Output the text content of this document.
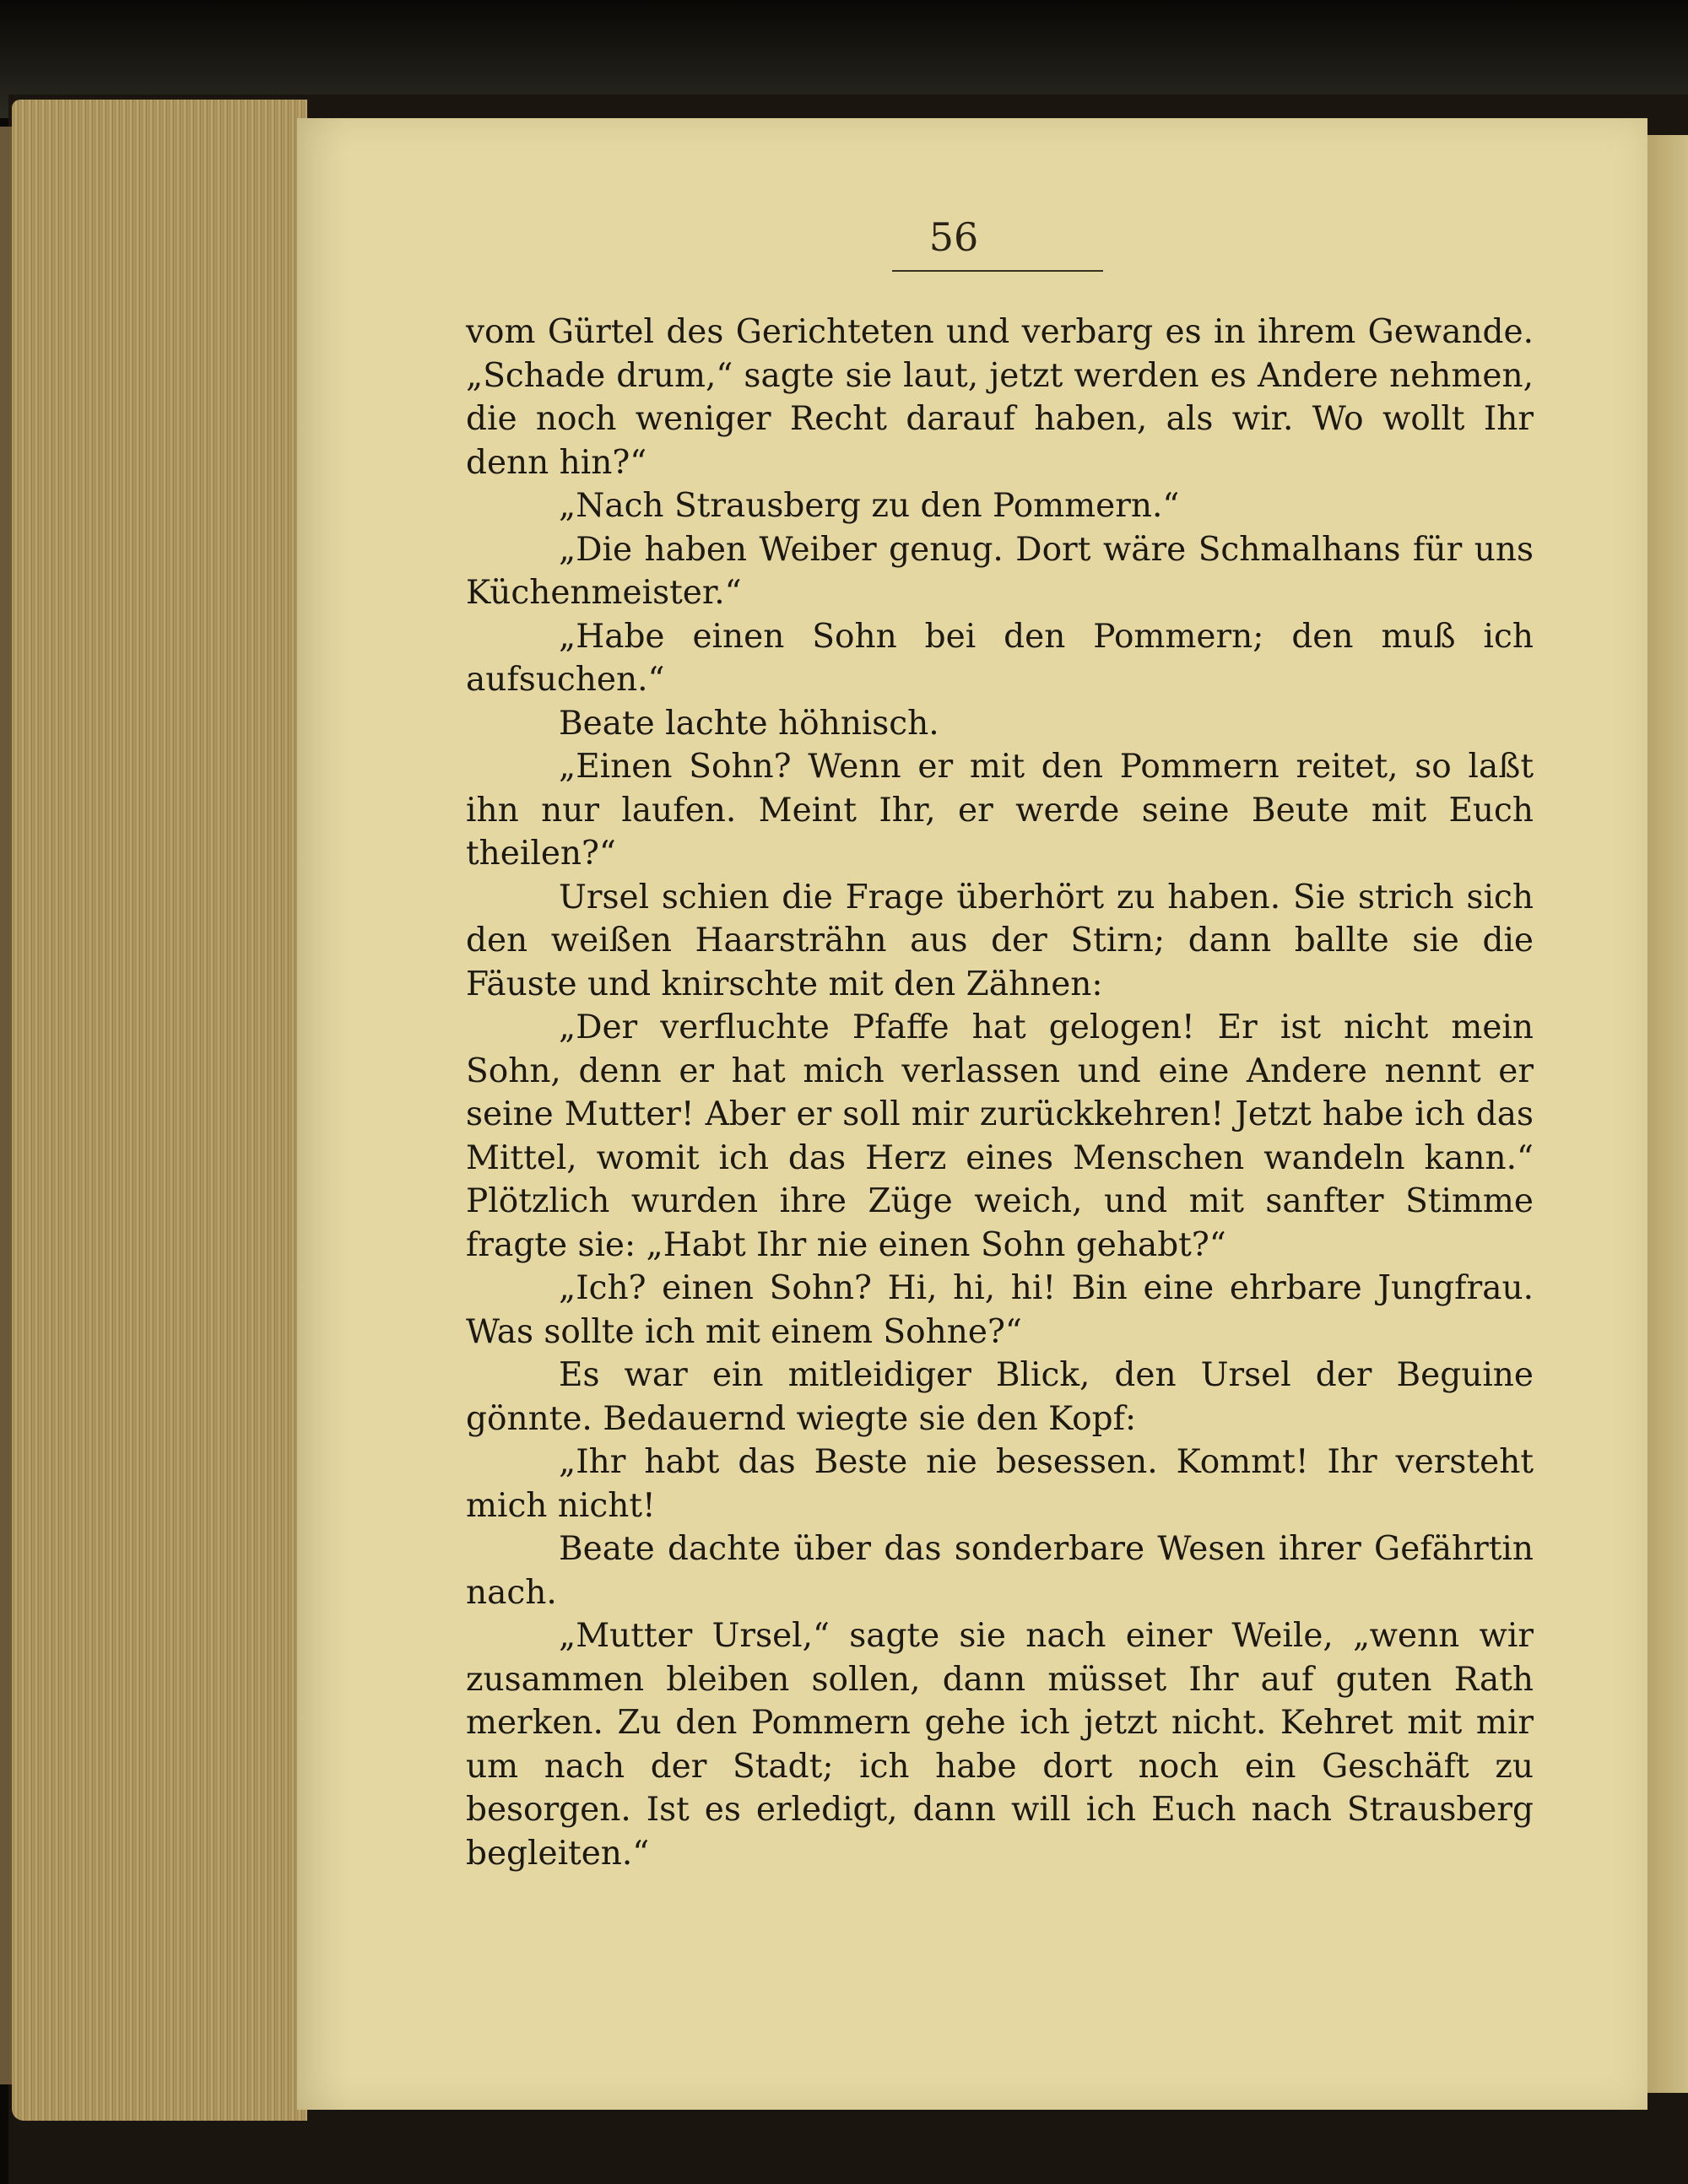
56

vom Gürtel des Gerichteten und verbarg es in ihrem Gewande. „Schade drum,“ sagte sie laut, jetzt werden es Andere nehmen, die noch weniger Recht darauf haben, als wir. Wo wollt Ihr denn hin?“

„Nach Strausberg zu den Pommern.“

„Die haben Weiber genug. Dort wäre Schmalhans für uns Küchenmeister.“

„Habe einen Sohn bei den Pommern; den muß ich aufsuchen.“

Beate lachte höhnisch.

„Einen Sohn? Wenn er mit den Pommern reitet, so laßt ihn nur laufen. Meint Ihr, er werde seine Beute mit Euch theilen?“

Ursel schien die Frage überhört zu haben. Sie strich sich den weißen Haarsträhn aus der Stirn; dann ballte sie die Fäuste und knirschte mit den Zähnen:

„Der verfluchte Pfaffe hat gelogen! Er ist nicht mein Sohn, denn er hat mich verlassen und eine Andere nennt er seine Mutter! Aber er soll mir zurückkehren! Jetzt habe ich das Mittel, womit ich das Herz eines Menschen wandeln kann.“ Plötzlich wurden ihre Züge weich, und mit sanfter Stimme fragte sie: „Habt Ihr nie einen Sohn gehabt?“

„Ich? einen Sohn? Hi, hi, hi! Bin eine ehrbare Jungfrau. Was sollte ich mit einem Sohne?“

Es war ein mitleidiger Blick, den Ursel der Beguine gönnte. Bedauernd wiegte sie den Kopf:

„Ihr habt das Beste nie besessen. Kommt! Ihr versteht mich nicht!

Beate dachte über das sonderbare Wesen ihrer Gefährtin nach.

„Mutter Ursel,“ sagte sie nach einer Weile, „wenn wir zusammen bleiben sollen, dann müsset Ihr auf guten Rath merken. Zu den Pommern gehe ich jetzt nicht. Kehret mit mir um nach der Stadt; ich habe dort noch ein Geschäft zu besorgen. Ist es erledigt, dann will ich Euch nach Strausberg begleiten.“
